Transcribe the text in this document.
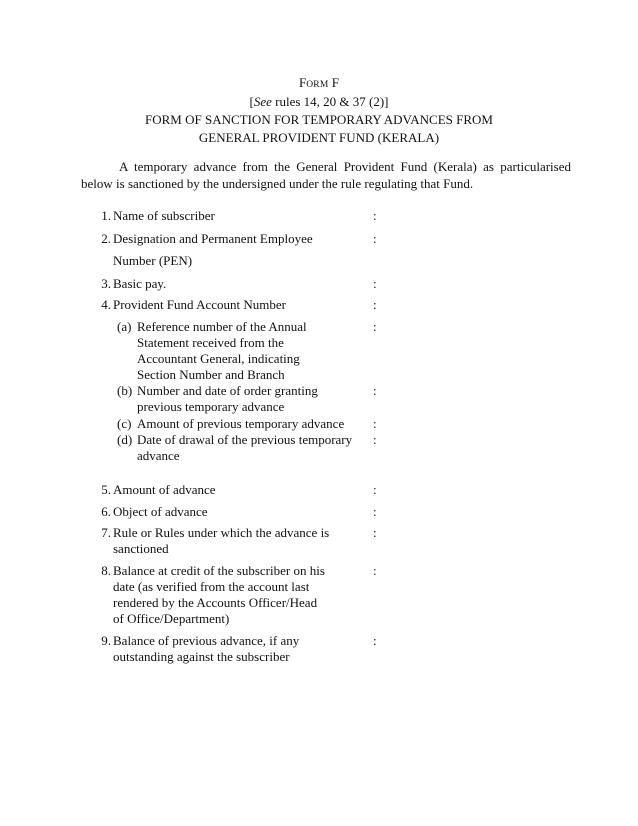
FORM F
[See rules 14, 20 & 37 (2)]
FORM OF SANCTION FOR TEMPORARY ADVANCES FROM
GENERAL PROVIDENT FUND (KERALA)

A temporary advance from the General Provident Fund (Kerala) as particularised below is sanctioned by the undersigned under the rule regulating that Fund.

1. Name of subscriber	:
2. Designation and Permanent Employee
Number (PEN)
:
3. Basic pay.	:
4. Provident Fund Account Number	:
(a) Reference number of the Annual
Statement received from the
Accountant General, indicating
Section Number and Branch
:
(b) Number and date of order granting
previous temporary advance
:
(c) Amount of previous temporary advance	:
(d) Date of drawal of the previous temporary
advance
:
5. Amount of advance	:
6. Object of advance	:
7. Rule or Rules under which the advance is
sanctioned
:
8. Balance at credit of the subscriber on his
date (as verified from the account last
rendered by the Accounts Officer/Head
of Office/Department)
:
9. Balance of previous advance, if any
outstanding against the subscriber
:
